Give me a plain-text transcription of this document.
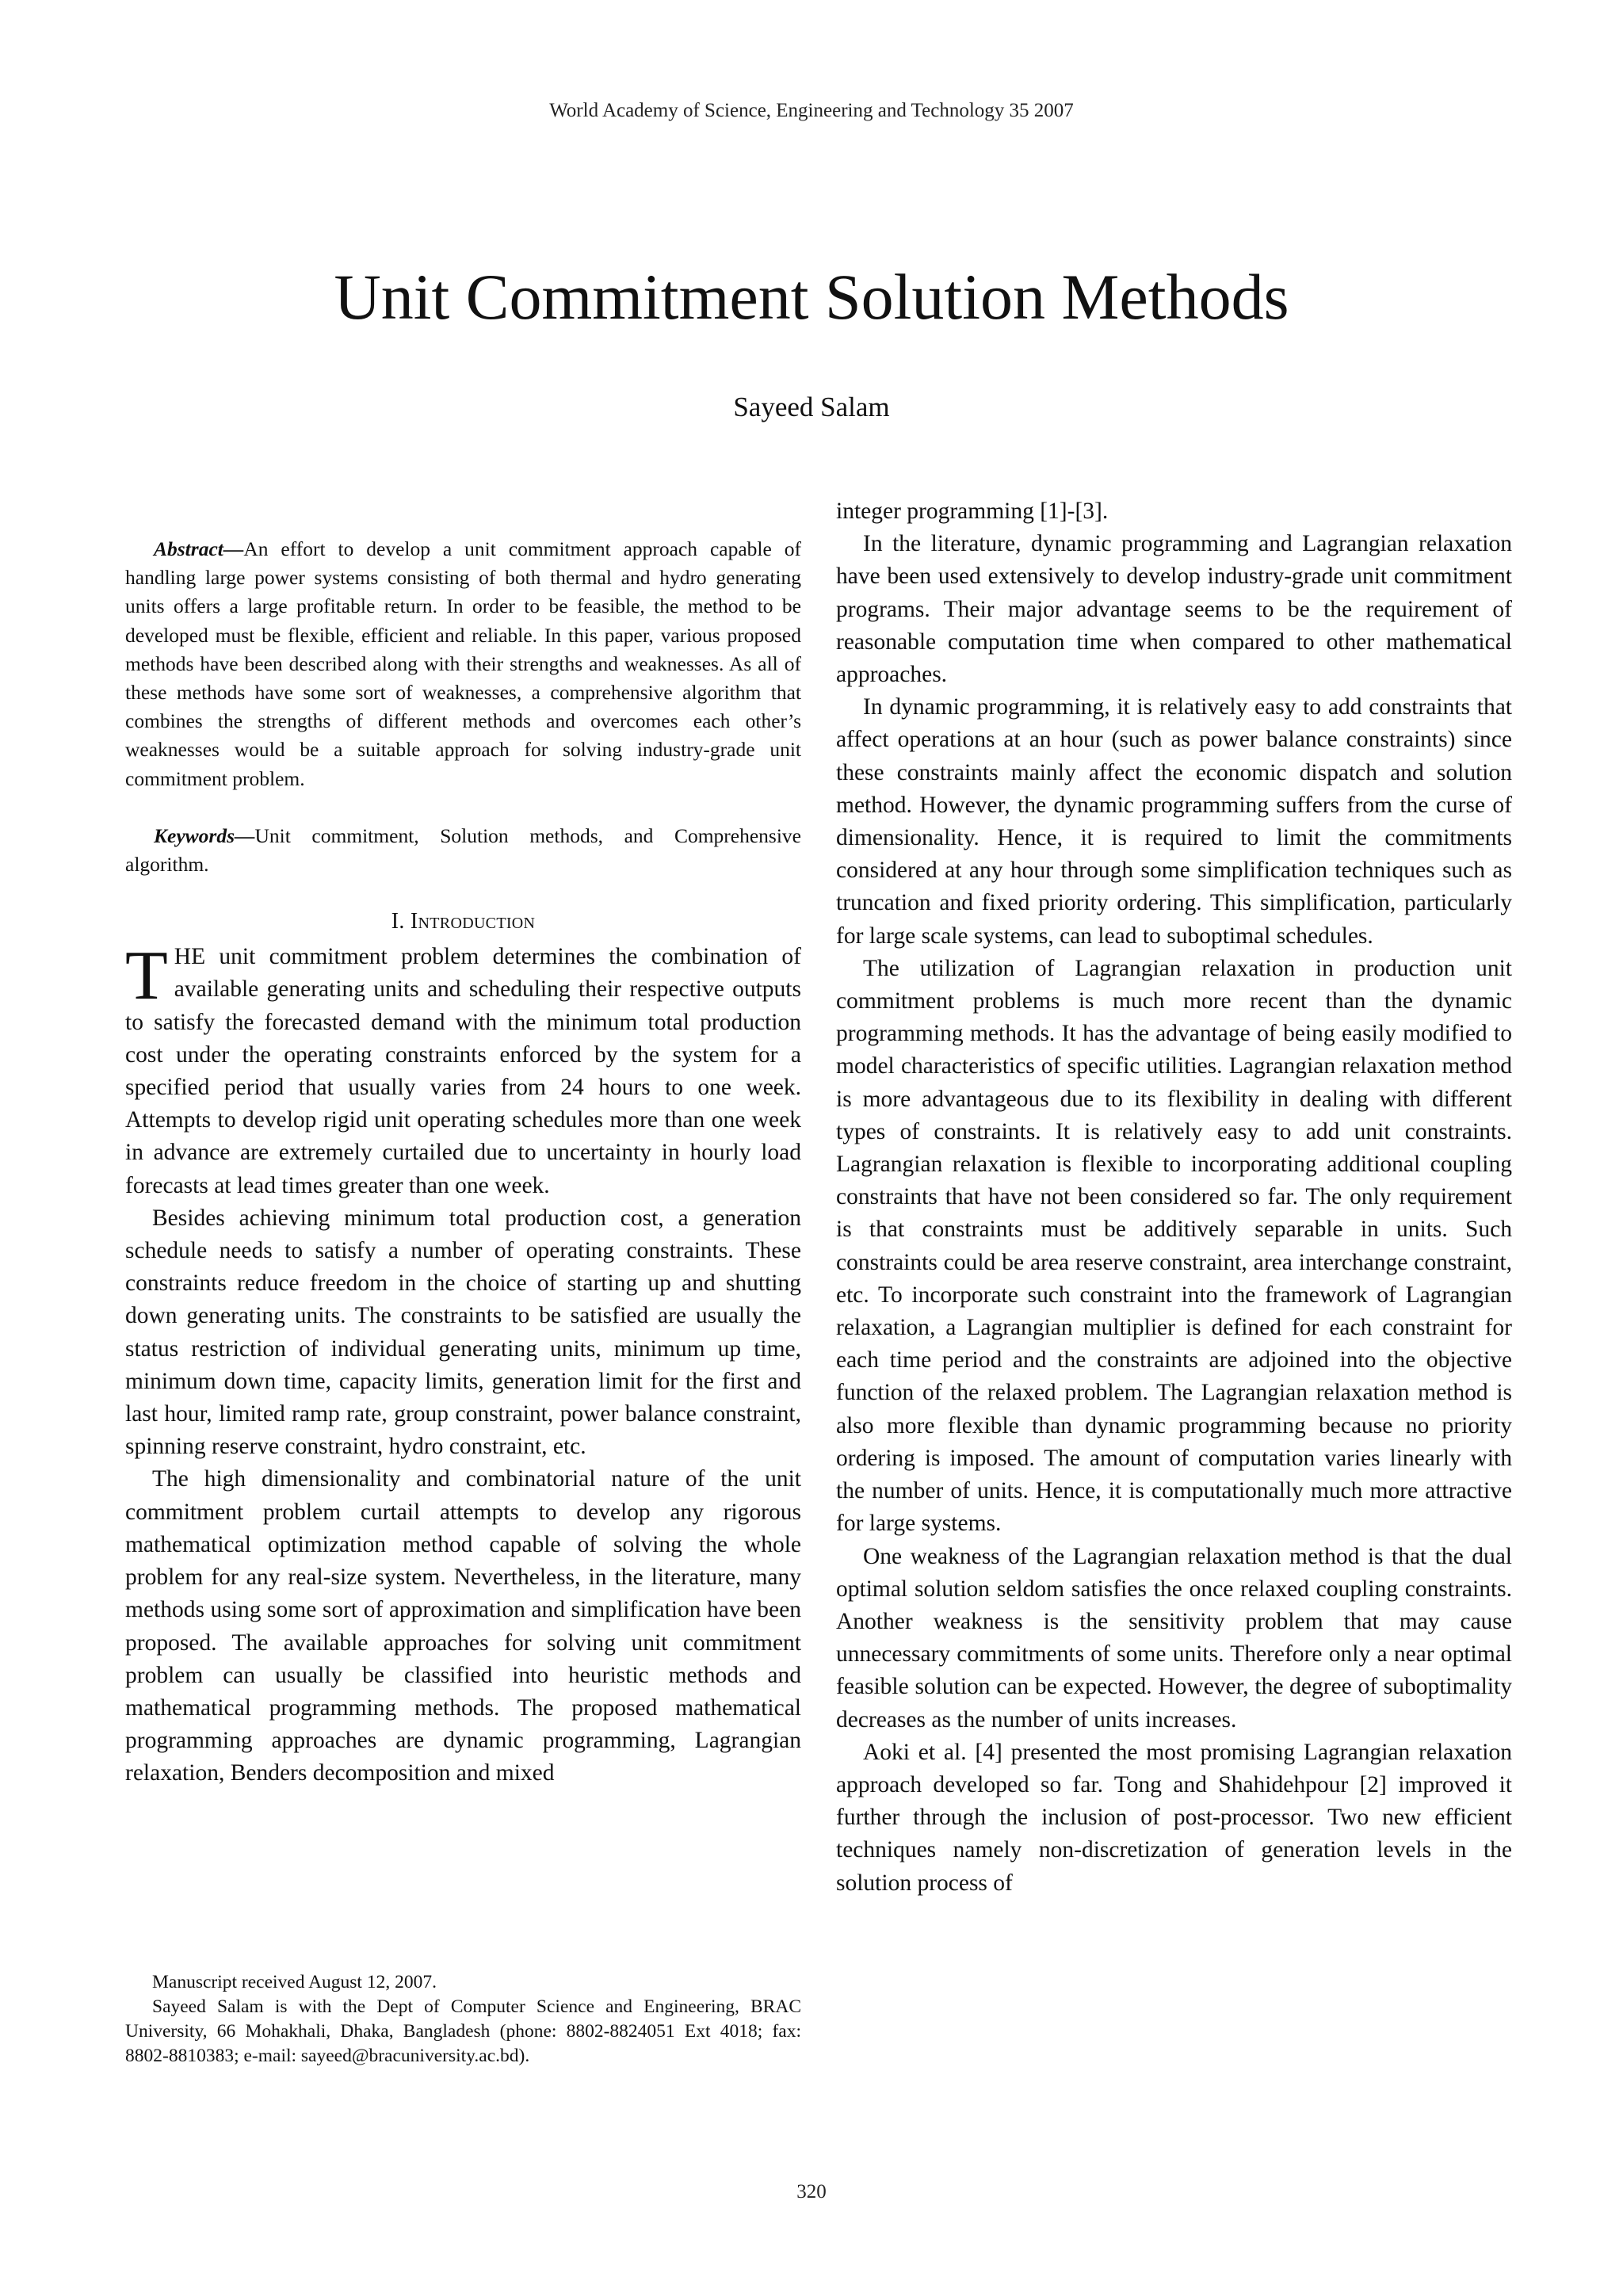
World Academy of Science, Engineering and Technology 35 2007
Unit Commitment Solution Methods
Sayeed Salam

Abstract—An effort to develop a unit commitment approach capable of handling large power systems consisting of both thermal and hydro generating units offers a large profitable return. In order to be feasible, the method to be developed must be flexible, efficient and reliable. In this paper, various proposed methods have been described along with their strengths and weaknesses. As all of these methods have some sort of weaknesses, a comprehensive algorithm that combines the strengths of different methods and overcomes each other’s weaknesses would be a suitable approach for solving industry-grade unit commitment problem.

Keywords—Unit commitment, Solution methods, and Comprehensive algorithm.

I. Introduction

THE unit commitment problem determines the combination of available generating units and scheduling their respective outputs to satisfy the forecasted demand with the minimum total production cost under the operating constraints enforced by the system for a specified period that usually varies from 24 hours to one week. Attempts to develop rigid unit operating schedules more than one week in advance are extremely curtailed due to uncertainty in hourly load forecasts at lead times greater than one week.

Besides achieving minimum total production cost, a generation schedule needs to satisfy a number of operating constraints. These constraints reduce freedom in the choice of starting up and shutting down generating units. The constraints to be satisfied are usually the status restriction of individual generating units, minimum up time, minimum down time, capacity limits, generation limit for the first and last hour, limited ramp rate, group constraint, power balance constraint, spinning reserve constraint, hydro constraint, etc.

The high dimensionality and combinatorial nature of the unit commitment problem curtail attempts to develop any rigorous mathematical optimization method capable of solving the whole problem for any real-size system. Nevertheless, in the literature, many methods using some sort of approximation and simplification have been proposed. The available approaches for solving unit commitment problem can usually be classified into heuristic methods and mathematical programming methods. The proposed mathematical programming approaches are dynamic programming, Lagrangian relaxation, Benders decomposition and mixed

integer programming [1]-[3].

In the literature, dynamic programming and Lagrangian relaxation have been used extensively to develop industry-grade unit commitment programs. Their major advantage seems to be the requirement of reasonable computation time when compared to other mathematical approaches.

In dynamic programming, it is relatively easy to add constraints that affect operations at an hour (such as power balance constraints) since these constraints mainly affect the economic dispatch and solution method. However, the dynamic programming suffers from the curse of dimensionality. Hence, it is required to limit the commitments considered at any hour through some simplification techniques such as truncation and fixed priority ordering. This simplification, particularly for large scale systems, can lead to suboptimal schedules.

The utilization of Lagrangian relaxation in production unit commitment problems is much more recent than the dynamic programming methods. It has the advantage of being easily modified to model characteristics of specific utilities. Lagrangian relaxation method is more advantageous due to its flexibility in dealing with different types of constraints. It is relatively easy to add unit constraints. Lagrangian relaxation is flexible to incorporating additional coupling constraints that have not been considered so far. The only requirement is that constraints must be additively separable in units. Such constraints could be area reserve constraint, area interchange constraint, etc. To incorporate such constraint into the framework of Lagrangian relaxation, a Lagrangian multiplier is defined for each constraint for each time period and the constraints are adjoined into the objective function of the relaxed problem. The Lagrangian relaxation method is also more flexible than dynamic programming because no priority ordering is imposed. The amount of computation varies linearly with the number of units. Hence, it is computationally much more attractive for large systems.

One weakness of the Lagrangian relaxation method is that the dual optimal solution seldom satisfies the once relaxed coupling constraints. Another weakness is the sensitivity problem that may cause unnecessary commitments of some units. Therefore only a near optimal feasible solution can be expected. However, the degree of suboptimality decreases as the number of units increases.

Aoki et al. [4] presented the most promising Lagrangian relaxation approach developed so far. Tong and Shahidehpour [2] improved it further through the inclusion of post-processor. Two new efficient techniques namely non-discretization of generation levels in the solution process of

Manuscript received August 12, 2007.

Sayeed Salam is with the Dept of Computer Science and Engineering, BRAC University, 66 Mohakhali, Dhaka, Bangladesh (phone: 8802-8824051 Ext 4018; fax: 8802-8810383; e-mail: sayeed@bracuniversity.ac.bd).

320
